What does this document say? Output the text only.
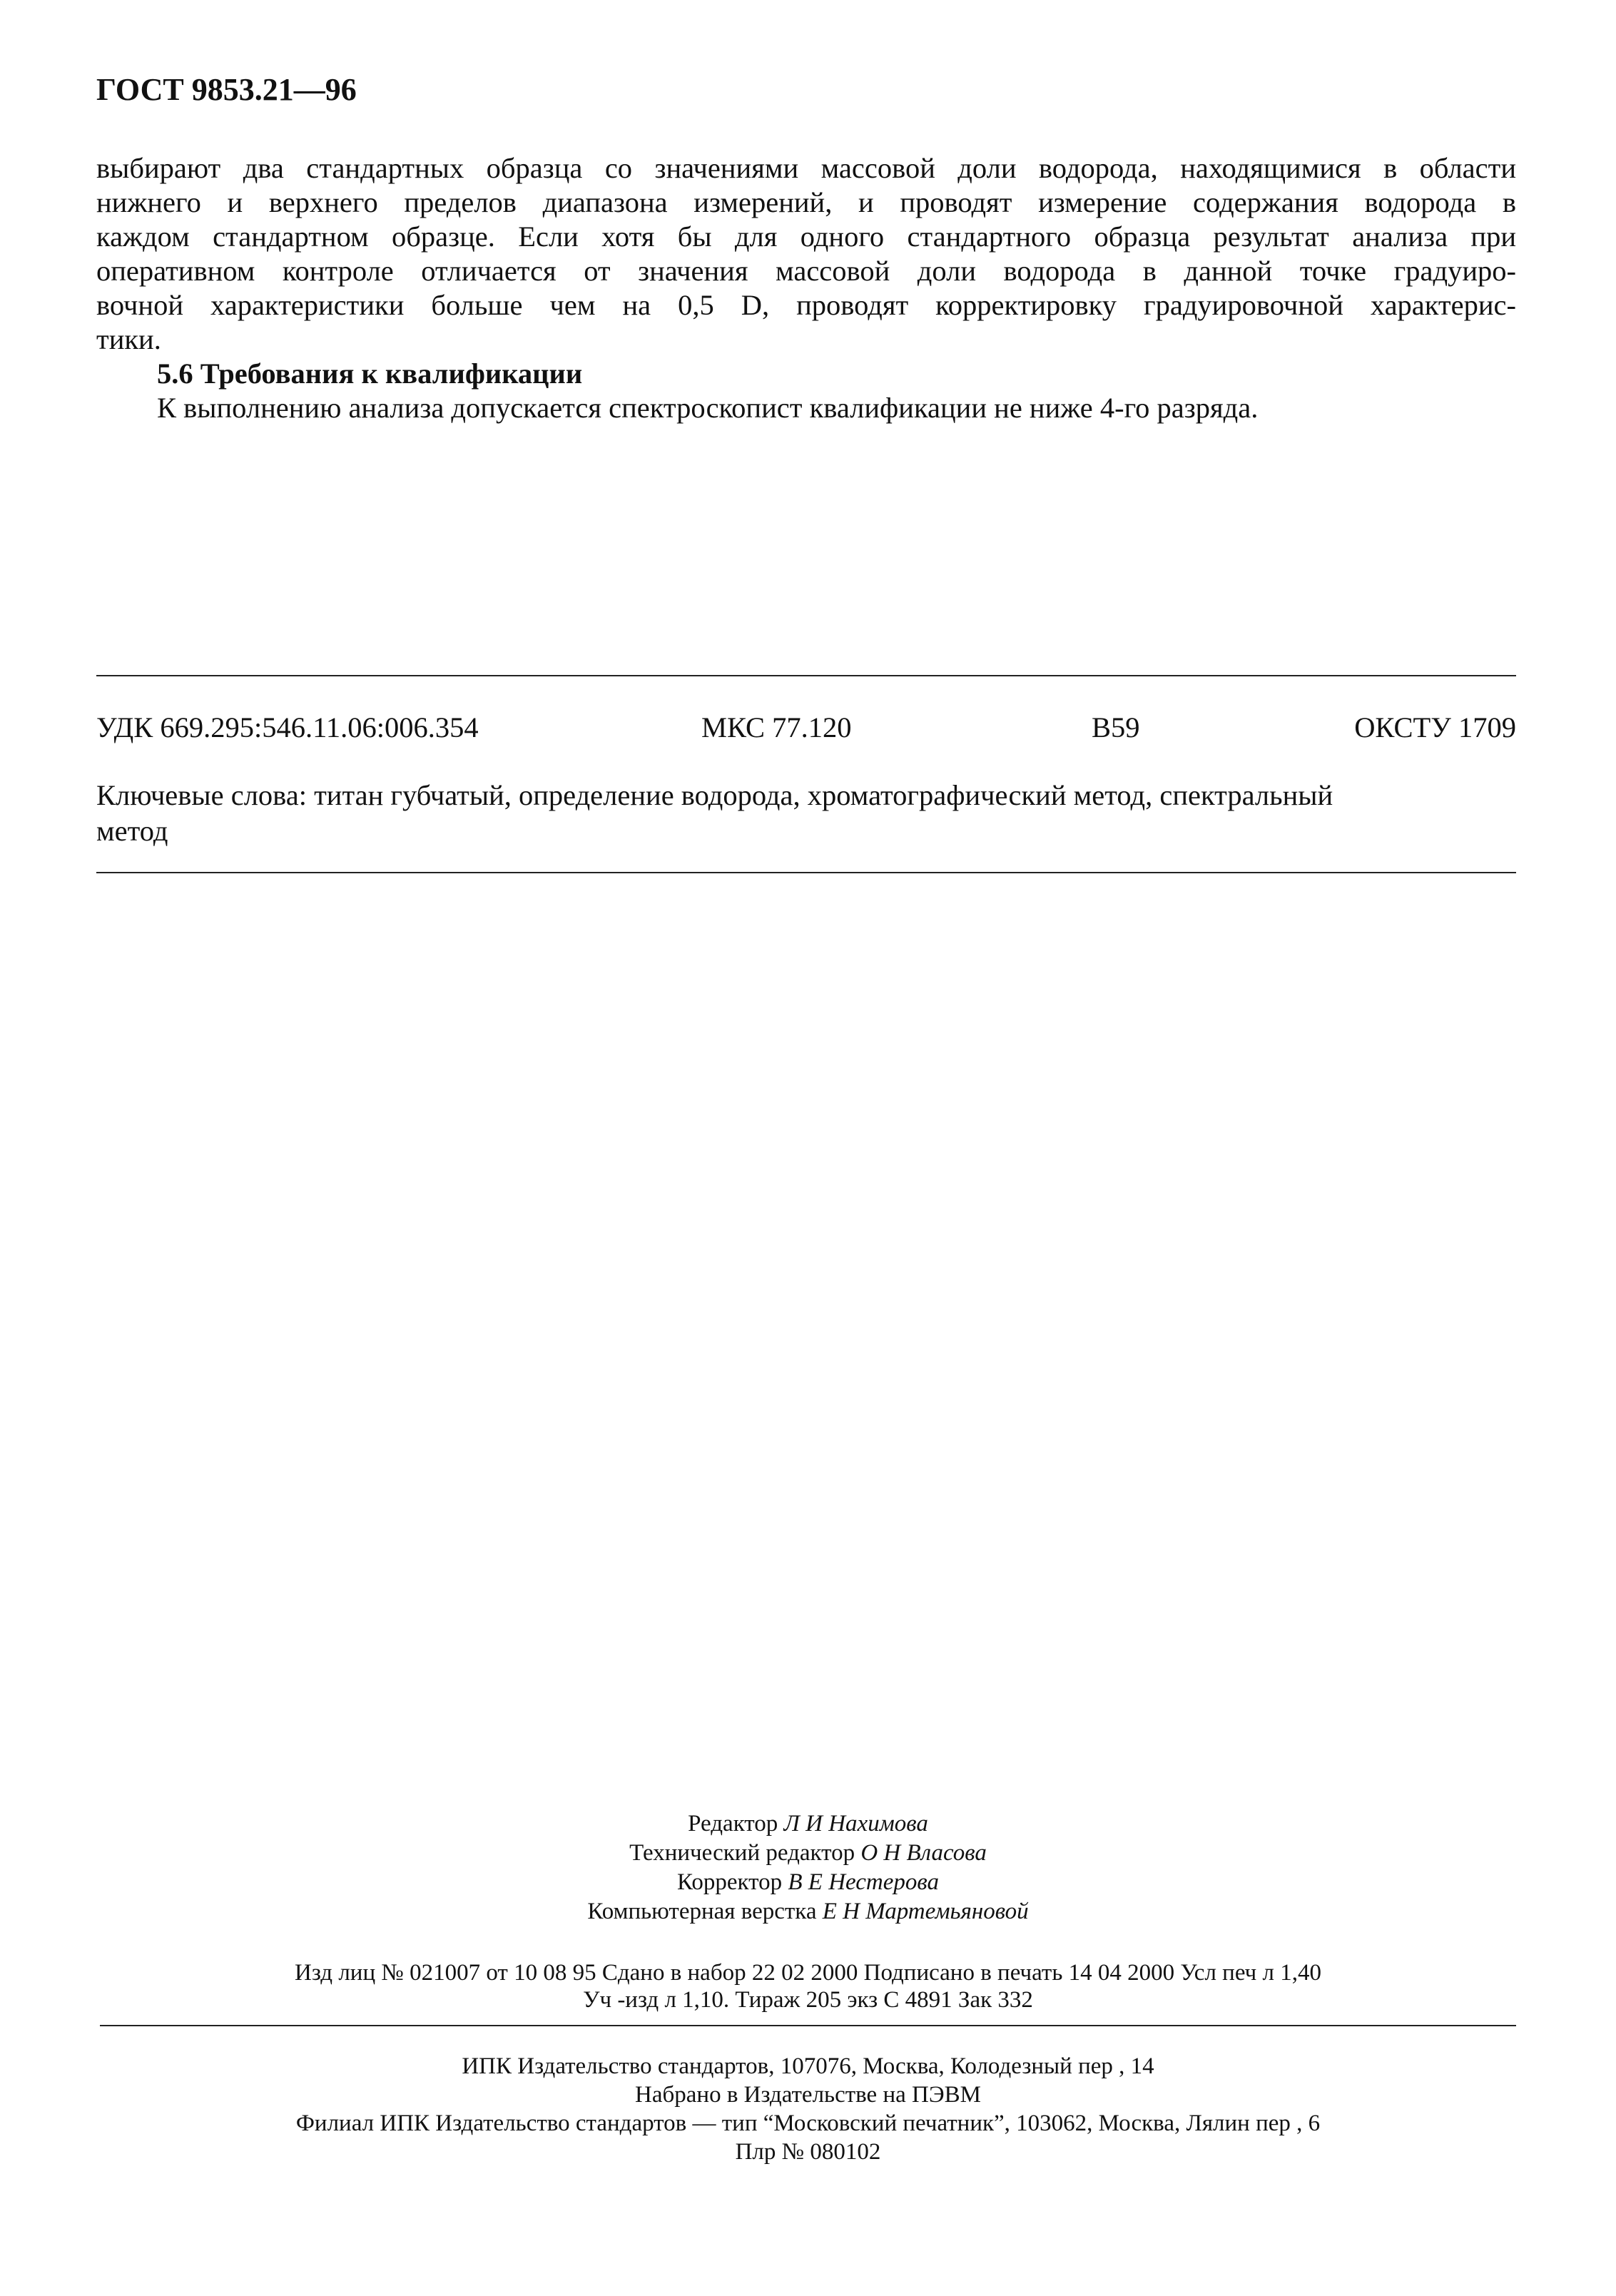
ГОСТ 9853.21—96
выбирают два стандартных образца со значениями массовой доли водорода, находящимися в области
нижнего и верхнего пределов диапазона измерений, и проводят измерение содержания водорода в
каждом стандартном образце. Если хотя бы для одного стандартного образца результат анализа при
оперативном контроле отличается от значения массовой доли водорода в данной точке градуиро-
вочной характеристики больше чем на 0,5 D, проводят корректировку градуировочной характерис-
тики.
5.6 Требования к квалификации
К выполнению анализа допускается спектроскопист квалификации не ниже 4-го разряда.
УДК 669.295:546.11.06:006.354	МКС 77.120	В59	ОКСТУ 1709
Ключевые слова: титан губчатый, определение водорода, хроматографический метод, спектральный
метод
Редактор Л И Нахимова
Технический редактор О Н Власова
Корректор В Е Нестерова
Компьютерная верстка Е Н Мартемьяновой
Изд лиц № 021007 от 10 08 95 Сдано в набор 22 02 2000 Подписано в печать 14 04 2000 Усл печ л 1,40
Уч -изд л 1,10. Тираж 205 экз С 4891 Зак 332
ИПК Издательство стандартов, 107076, Москва, Колодезный пер , 14
Набрано в Издательстве на ПЭВМ
Филиал ИПК Издательство стандартов — тип “Московский печатник”, 103062, Москва, Лялин пер , 6
Плр № 080102
